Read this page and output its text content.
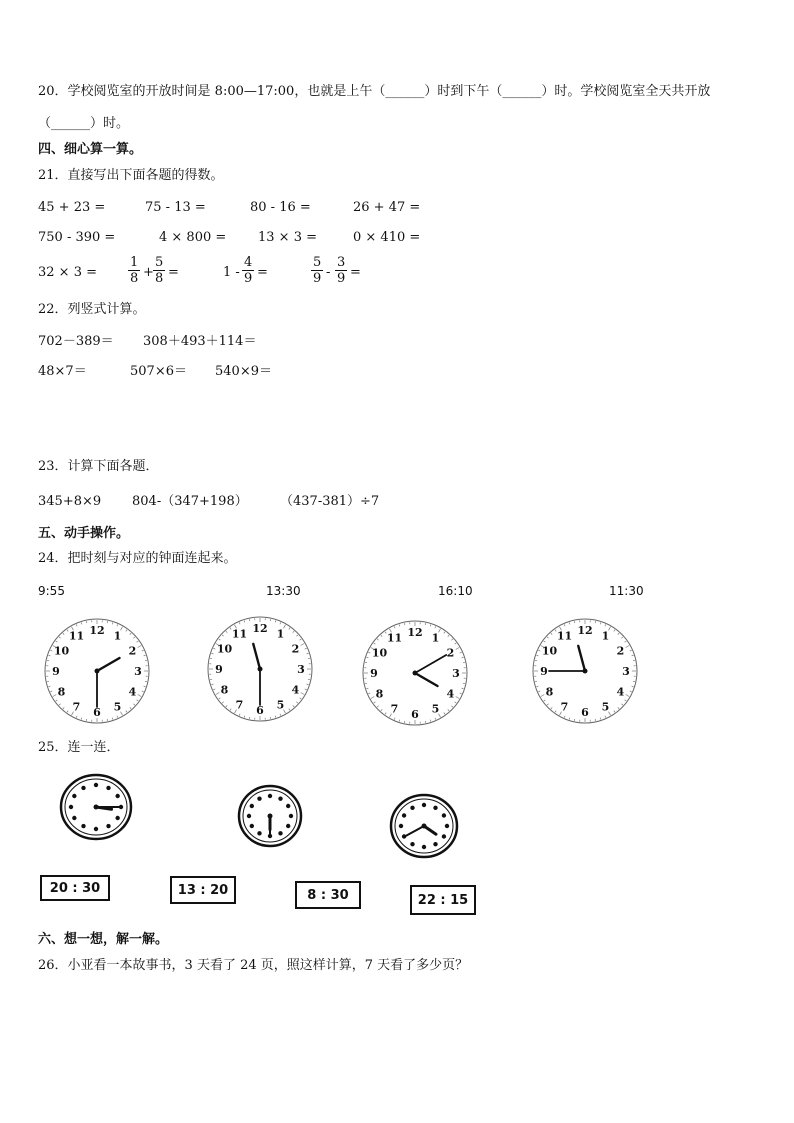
20．学校阅览室的开放时间是 8:00—17:00，也就是上午（______）时到下午（______）时。学校阅览室全天共开放
（______）时。
四、细心算一算。
21．直接写出下面各题的得数。
45 + 23 =	75 - 13 =	80 - 16 =	26 + 47 =
750 - 390 =	4 × 800 = 13 × 3 =	0 × 410 =
$32 \times 3 = \frac{1}{8} + \frac{5}{8}$ =	$1 - \frac{4}{9}$ =	$\frac{5}{9} - \frac{3}{9}$ =
22．列竖式计算。
702－389＝ 308＋493＋114＝
48×7＝	507×6＝ 540×9＝
23．计算下面各题．
345+8×9 804-（347+198） （437-381）÷7
五、动手操作。
24．把时刻与对应的钟面连起来。
9:55	13:30	16:10	11:30
12 1
2
3
4
5
6
7
8
9
10
11
12 1
2
3
4
5
6
7
8
9
10
11	12 1
2
3
4
5
6
7
8
9
10
11
12 1
2
3
4
5
6
7
8
9
10
11
25．连一连．
20 : 30	13 : 20	8 : 30	22 : 15
六、想一想，解一解。
26．小亚看一本故事书，3 天看了 24 页，照这样计算，7 天看了多少页？
